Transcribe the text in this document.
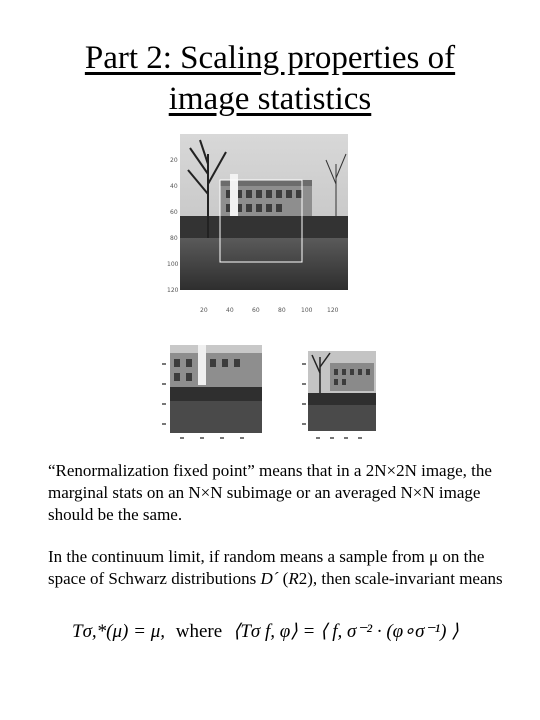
Part 2: Scaling properties of
image statistics
20
40
60
80
100
120
20	40	60	80	100 120
“Renormalization fixed point” means that in a 2N×2N image, the marginal stats on an N×N subimage or an averaged N×N image should be the same.
In the continuum limit, if random means a sample from μ on the space of Schwarz distributions D´ (R2), then scale-invariant means
Tσ,*(μ) = μ, where ⟨Tσ f, φ⟩ = ⟨ f, σ⁻² · (φ∘σ⁻¹) ⟩
